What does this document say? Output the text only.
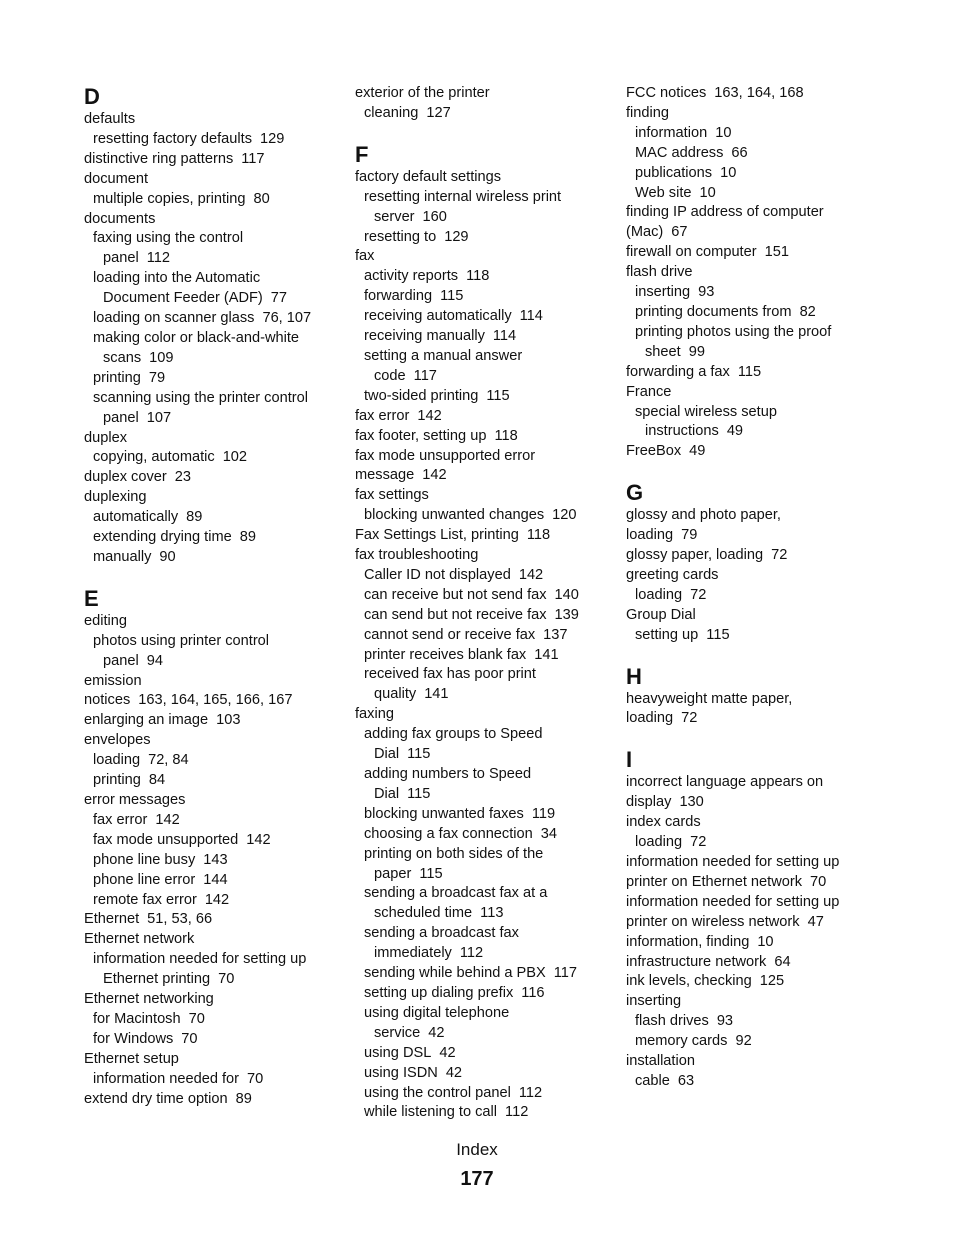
D
defaults
resetting factory defaults 129
distinctive ring patterns 117
document
multiple copies, printing 80
documents
faxing using the control
panel 112
loading into the Automatic
Document Feeder (ADF) 77
loading on scanner glass 76, 107
making color or black-and-white
scans 109
printing 79
scanning using the printer control
panel 107
duplex
copying, automatic 102
duplex cover 23
duplexing
automatically 89
extending drying time 89
manually 90
E
editing
photos using printer control
panel 94
emission
notices 163, 164, 165, 166, 167
enlarging an image 103
envelopes
loading 72, 84
printing 84
error messages
fax error 142
fax mode unsupported 142
phone line busy 143
phone line error 144
remote fax error 142
Ethernet 51, 53, 66
Ethernet network
information needed for setting up
Ethernet printing 70
Ethernet networking
for Macintosh 70
for Windows 70
Ethernet setup
information needed for 70
extend dry time option 89
exterior of the printer
cleaning 127
F
factory default settings
resetting internal wireless print
server 160
resetting to 129
fax
activity reports 118
forwarding 115
receiving automatically 114
receiving manually 114
setting a manual answer
code 117
two-sided printing 115
fax error 142
fax footer, setting up 118
fax mode unsupported error
message 142
fax settings
blocking unwanted changes 120
Fax Settings List, printing 118
fax troubleshooting
Caller ID not displayed 142
can receive but not send fax 140
can send but not receive fax 139
cannot send or receive fax 137
printer receives blank fax 141
received fax has poor print
quality 141
faxing
adding fax groups to Speed
Dial 115
adding numbers to Speed
Dial 115
blocking unwanted faxes 119
choosing a fax connection 34
printing on both sides of the
paper 115
sending a broadcast fax at a
scheduled time 113
sending a broadcast fax
immediately 112
sending while behind a PBX 117
setting up dialing prefix 116
using digital telephone
service 42
using DSL 42
using ISDN 42
using the control panel 112
while listening to call 112
FCC notices 163, 164, 168
finding
information 10
MAC address 66
publications 10
Web site 10
finding IP address of computer
(Mac) 67
firewall on computer 151
flash drive
inserting 93
printing documents from 82
printing photos using the proof
sheet 99
forwarding a fax 115
France
special wireless setup
instructions 49
FreeBox 49
G
glossy and photo paper,
loading 79
glossy paper, loading 72
greeting cards
loading 72
Group Dial
setting up 115
H
heavyweight matte paper,
loading 72
I
incorrect language appears on
display 130
index cards
loading 72
information needed for setting up
printer on Ethernet network 70
information needed for setting up
printer on wireless network 47
information, finding 10
infrastructure network 64
ink levels, checking 125
inserting
flash drives 93
memory cards 92
installation
cable 63
Index
177
